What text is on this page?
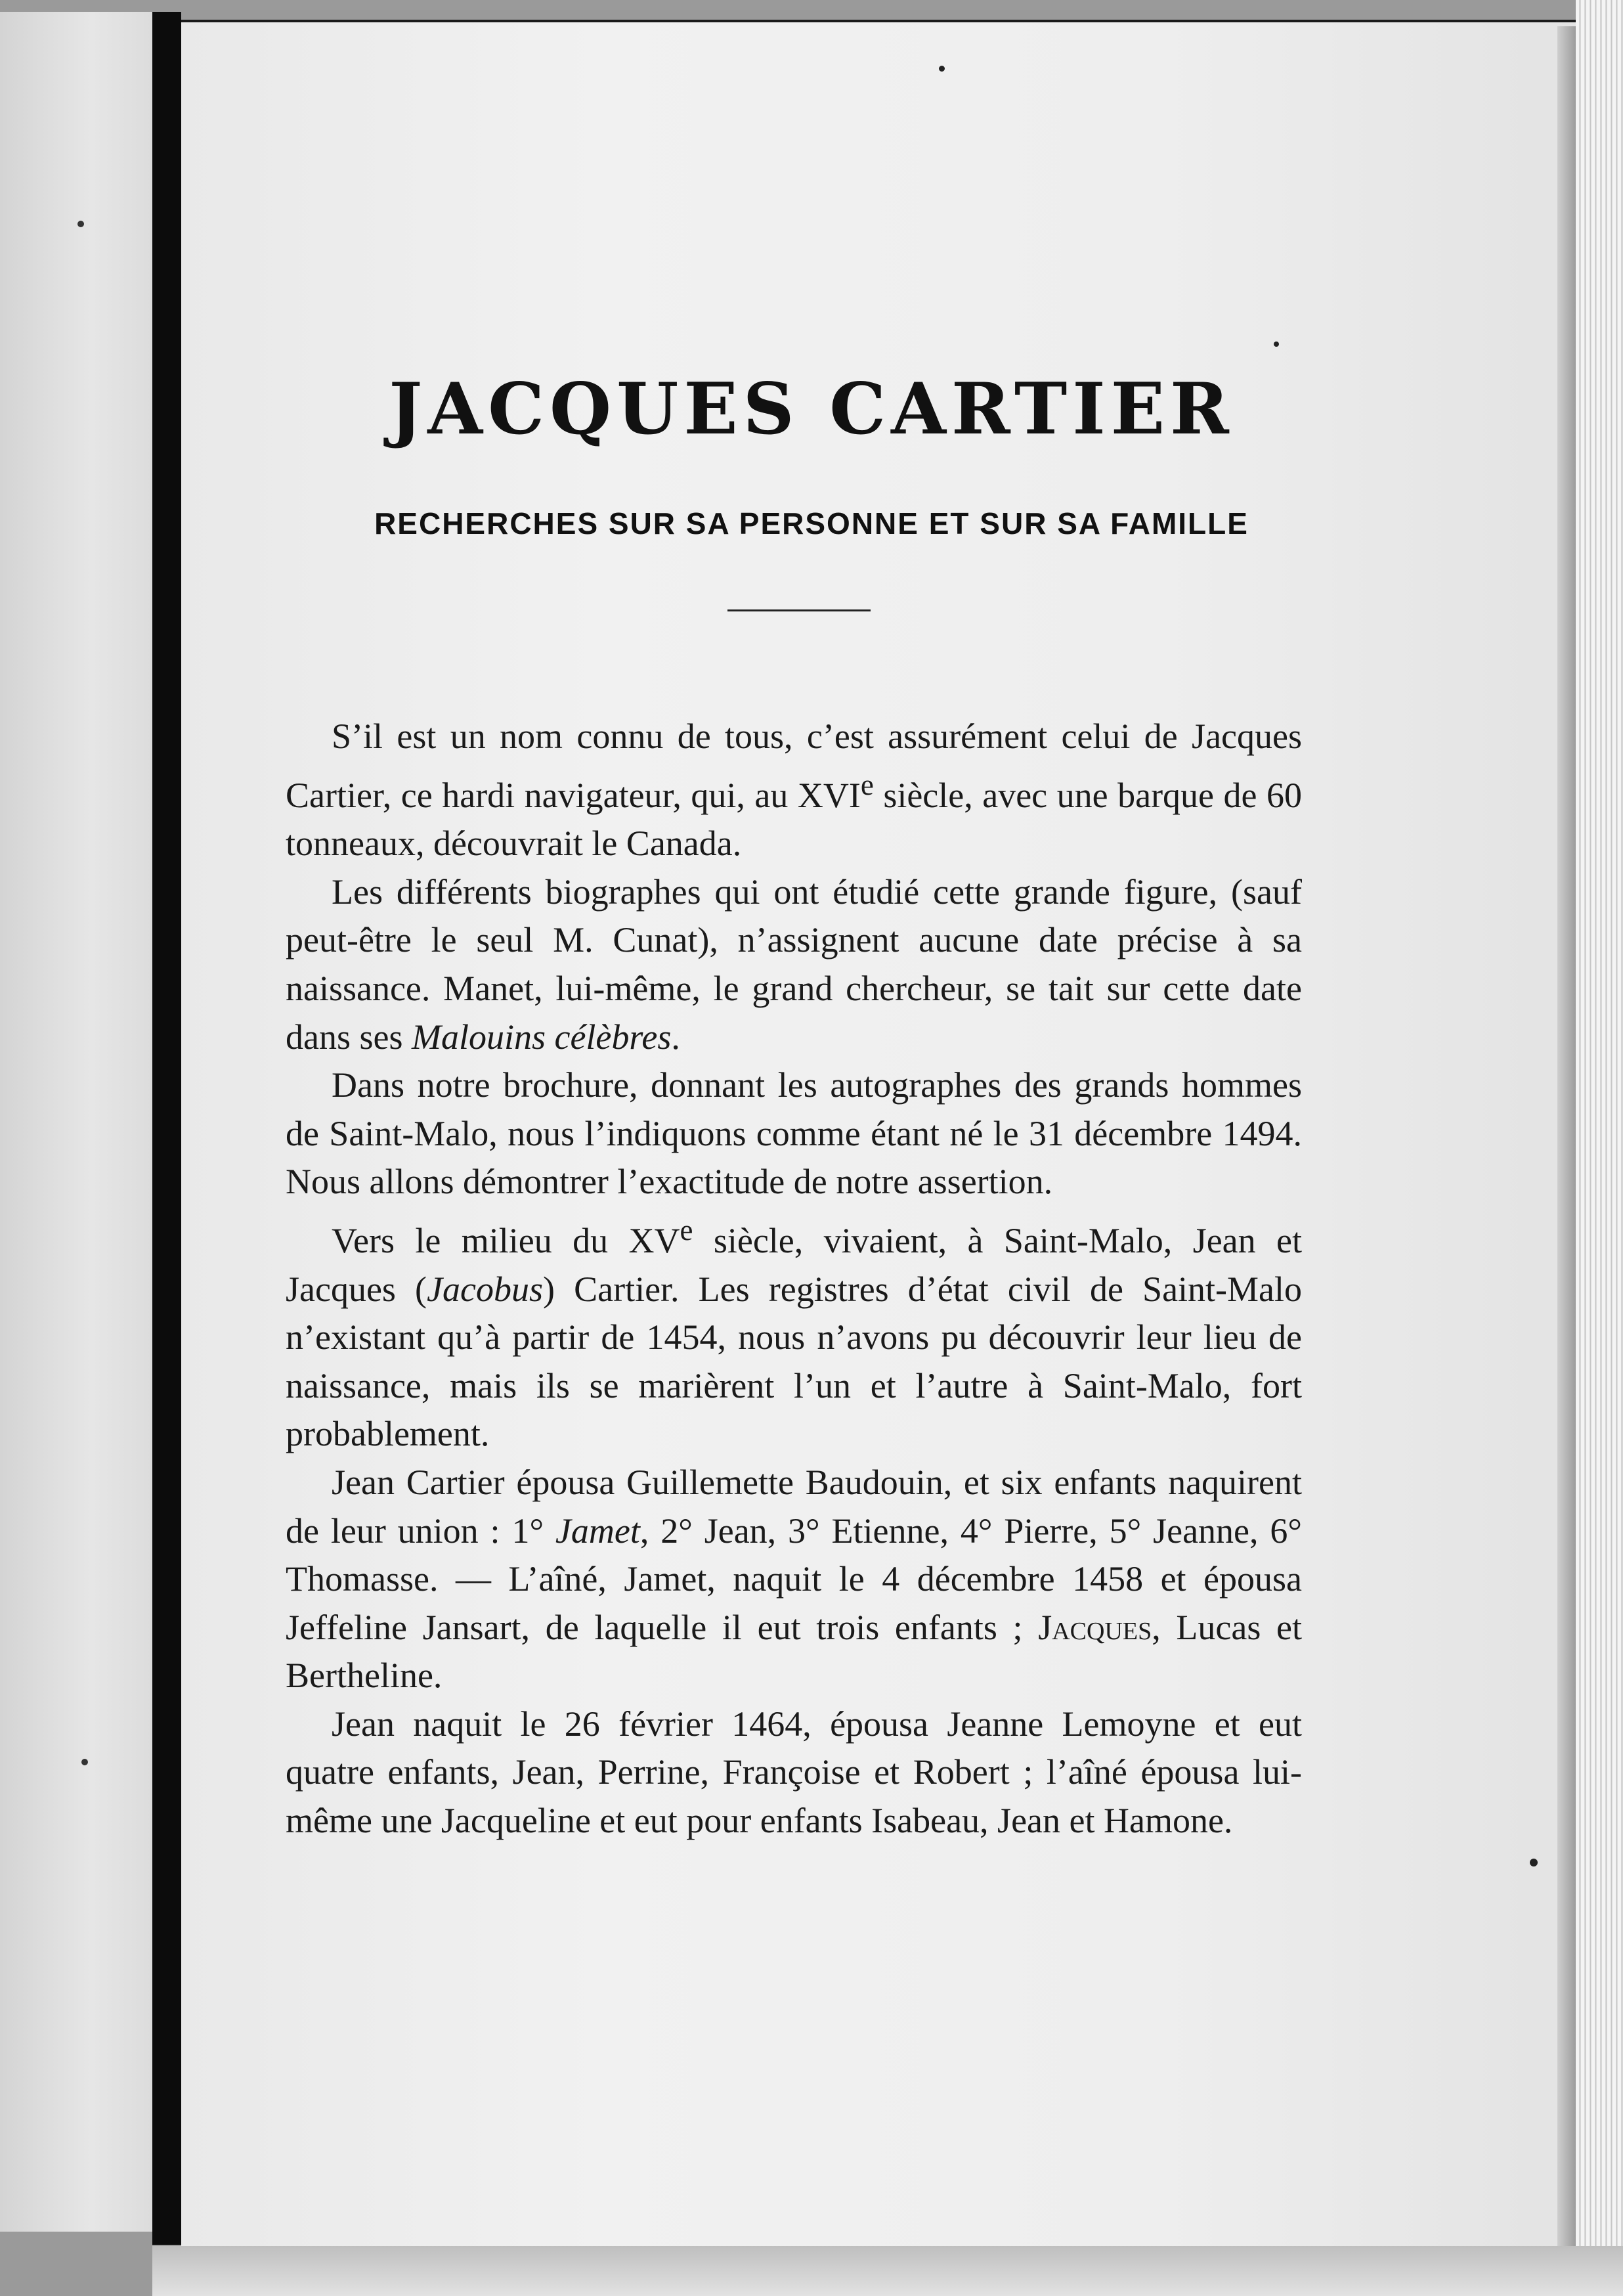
JACQUES CARTIER
RECHERCHES SUR SA PERSONNE ET SUR SA FAMILLE

S’il est un nom connu de tous, c’est assurément celui de Jacques Cartier, ce hardi navigateur, qui, au XVIe siècle, avec une barque de 60 tonneaux, découvrait le Canada.

Les différents biographes qui ont étudié cette grande figure, (sauf peut-être le seul M. Cunat), n’assignent aucune date précise à sa naissance. Manet, lui-même, le grand chercheur, se tait sur cette date dans ses Malouins célèbres.

Dans notre brochure, donnant les autographes des grands hommes de Saint-Malo, nous l’indiquons comme étant né le 31 décembre 1494. Nous allons démontrer l’exactitude de notre assertion.

Vers le milieu du XVe siècle, vivaient, à Saint-Malo, Jean et Jacques (Jacobus) Cartier. Les registres d’état civil de Saint-Malo n’existant qu’à partir de 1454, nous n’avons pu découvrir leur lieu de naissance, mais ils se marièrent l’un et l’autre à Saint-Malo, fort probablement.

Jean Cartier épousa Guillemette Baudouin, et six enfants naquirent de leur union : 1° Jamet, 2° Jean, 3° Etienne, 4° Pierre, 5° Jeanne, 6° Thomasse. — L’aîné, Jamet, naquit le 4 décembre 1458 et épousa Jeffeline Jansart, de laquelle il eut trois enfants ; Jacques, Lucas et Bertheline.

Jean naquit le 26 février 1464, épousa Jeanne Lemoyne et eut quatre enfants, Jean, Perrine, Françoise et Robert ; l’aîné épousa lui-même une Jacqueline et eut pour enfants Isabeau, Jean et Hamone.
